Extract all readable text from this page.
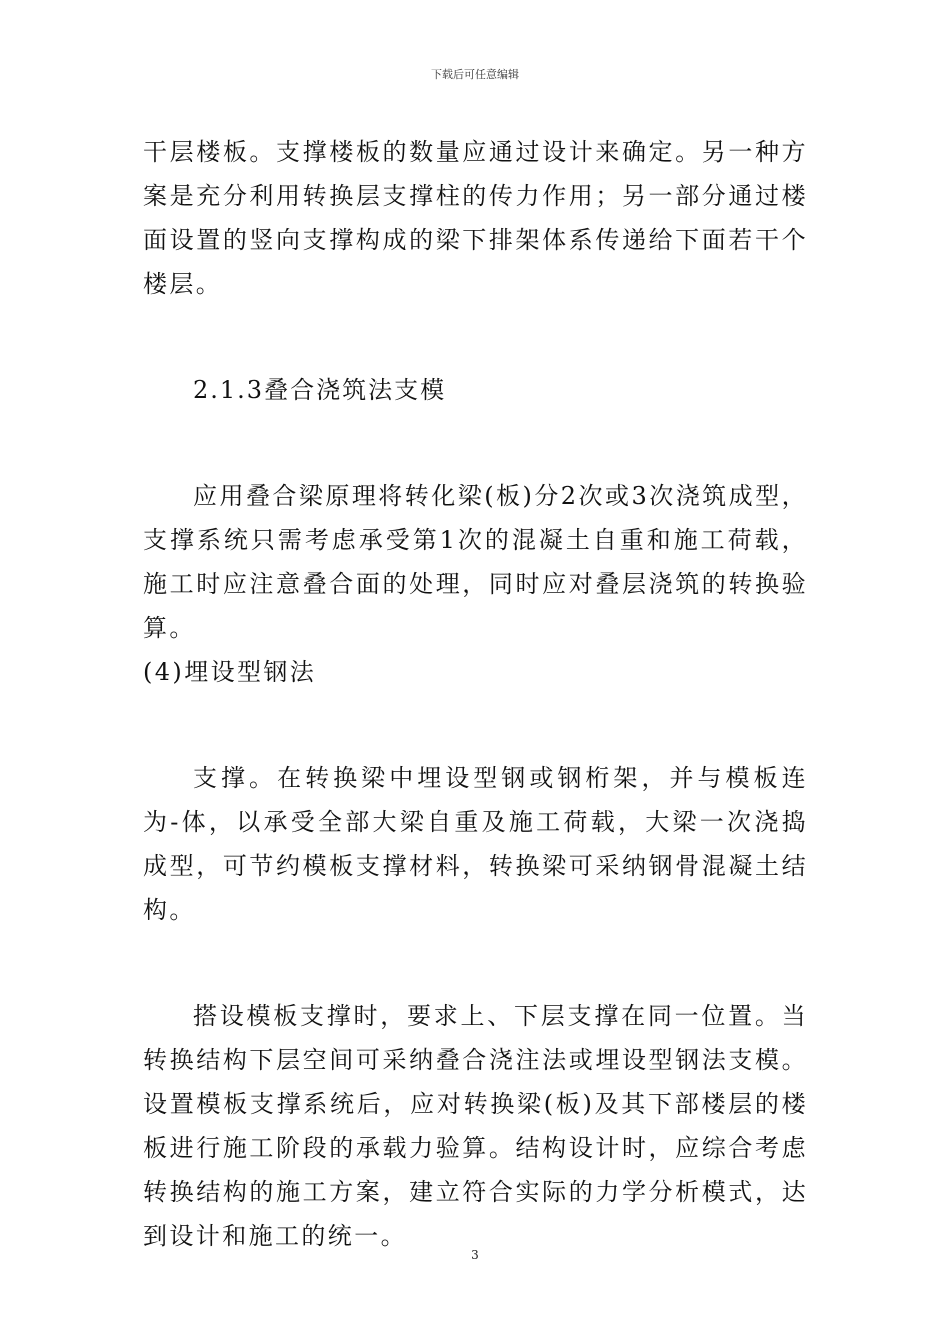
下载后可任意编辑

干层楼板。支撑楼板的数量应通过设计来确定。另一种方案是充分利用转换层支撑柱的传力作用；另一部分通过楼面设置的竖向支撑构成的梁下排架体系传递给下面若干个楼层。

2.1.3叠合浇筑法支模

应用叠合梁原理将转化梁(板)分2次或3次浇筑成型，支撑系统只需考虑承受第1次的混凝土自重和施工荷载，施工时应注意叠合面的处理，同时应对叠层浇筑的转换验算。

(4)埋设型钢法

支撑。在转换梁中埋设型钢或钢桁架，并与模板连为-体，以承受全部大梁自重及施工荷载，大梁一次浇捣成型，可节约模板支撑材料，转换梁可采纳钢骨混凝土结构。

搭设模板支撑时，要求上、下层支撑在同一位置。当转换结构下层空间可采纳叠合浇注法或埋设型钢法支模。设置模板支撑系统后，应对转换梁(板)及其下部楼层的楼板进行施工阶段的承载力验算。结构设计时，应综合考虑转换结构的施工方案，建立符合实际的力学分析模式，达到设计和施工的统一。

3
